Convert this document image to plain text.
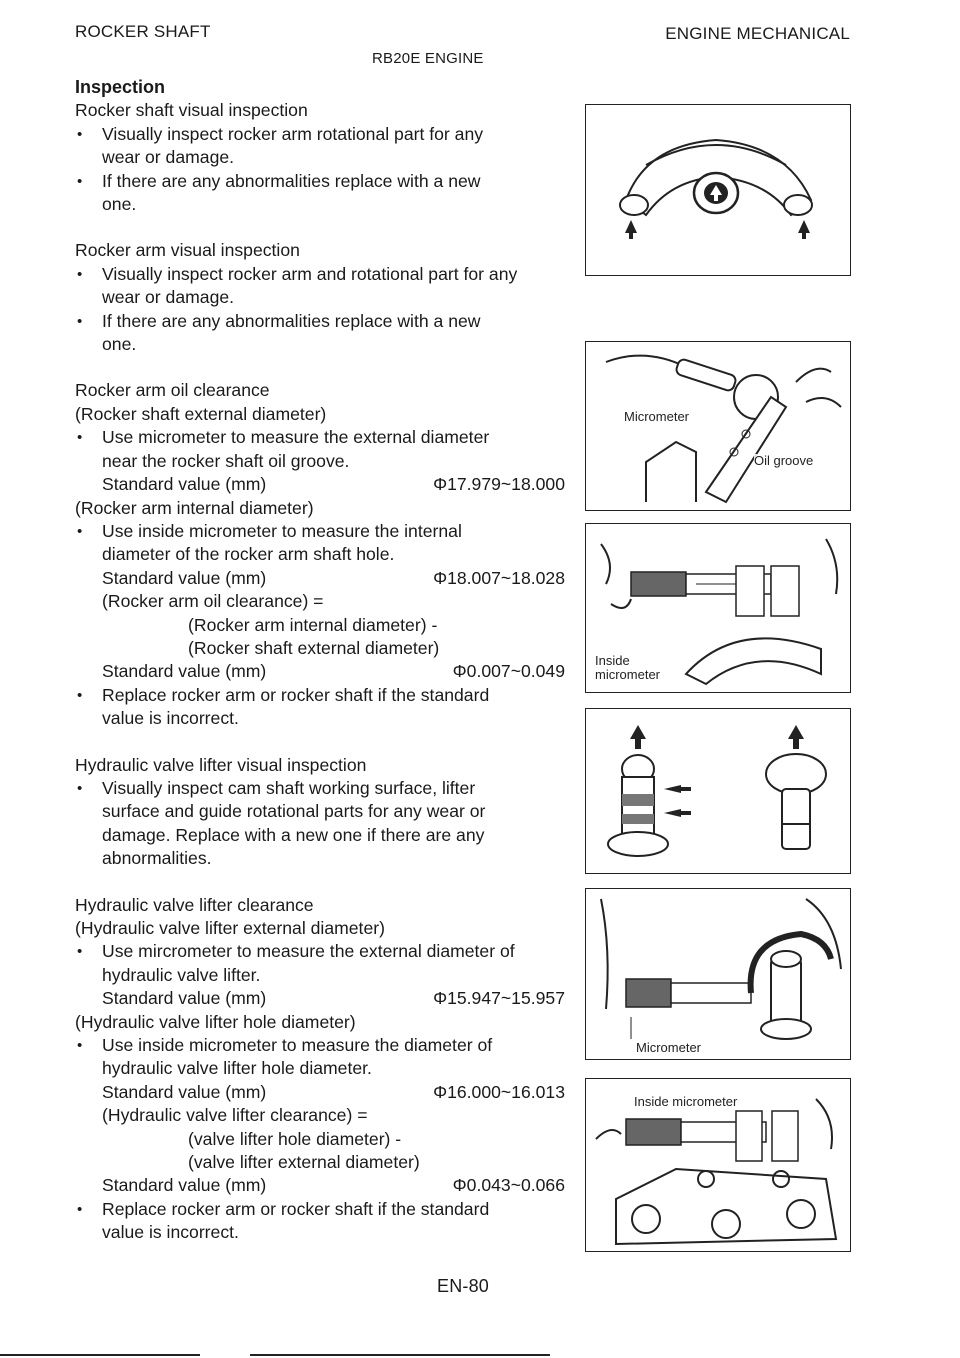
ROCKER SHAFT	ENGINE MECHANICAL
RB20E ENGINE
Inspection
Rocker shaft visual inspection
• Visually inspect rocker arm rotational part for any
wear or damage.
• If there are any abnormalities replace with a new
one.
Rocker arm visual inspection
• Visually inspect rocker arm and rotational part for any
wear or damage.
• If there are any abnormalities replace with a new
one.
Rocker arm oil clearance
(Rocker shaft external diameter)
• Use micrometer to measure the external diameter
near the rocker shaft oil groove.
Standard value (mm)	Φ17.979~18.000
(Rocker arm internal diameter)
• Use inside micrometer to measure the internal
diameter of the rocker arm shaft hole.
Standard value (mm)	Φ18.007~18.028
(Rocker arm oil clearance) =
(Rocker arm internal diameter) -
(Rocker shaft external diameter)
Standard value (mm)	Φ0.007~0.049
• Replace rocker arm or rocker shaft if the standard
value is incorrect.
Hydraulic valve lifter visual inspection
• Visually inspect cam shaft working surface, lifter
surface and guide rotational parts for any wear or
damage. Replace with a new one if there are any
abnormalities.
Hydraulic valve lifter clearance
(Hydraulic valve lifter external diameter)
• Use mircrometer to measure the external diameter of
hydraulic valve lifter.
Standard value (mm)	Φ15.947~15.957
(Hydraulic valve lifter hole diameter)
• Use inside micrometer to measure the diameter of
hydraulic valve lifter hole diameter.
Standard value (mm)	Φ16.000~16.013
(Hydraulic valve lifter clearance) =
(valve lifter hole diameter) -
(valve lifter external diameter)
Standard value (mm)	Φ0.043~0.066
• Replace rocker arm or rocker shaft if the standard
value is incorrect.
Micrometer
Oil groove
Inside
micrometer
Micrometer
Inside micrometer
EN-80
